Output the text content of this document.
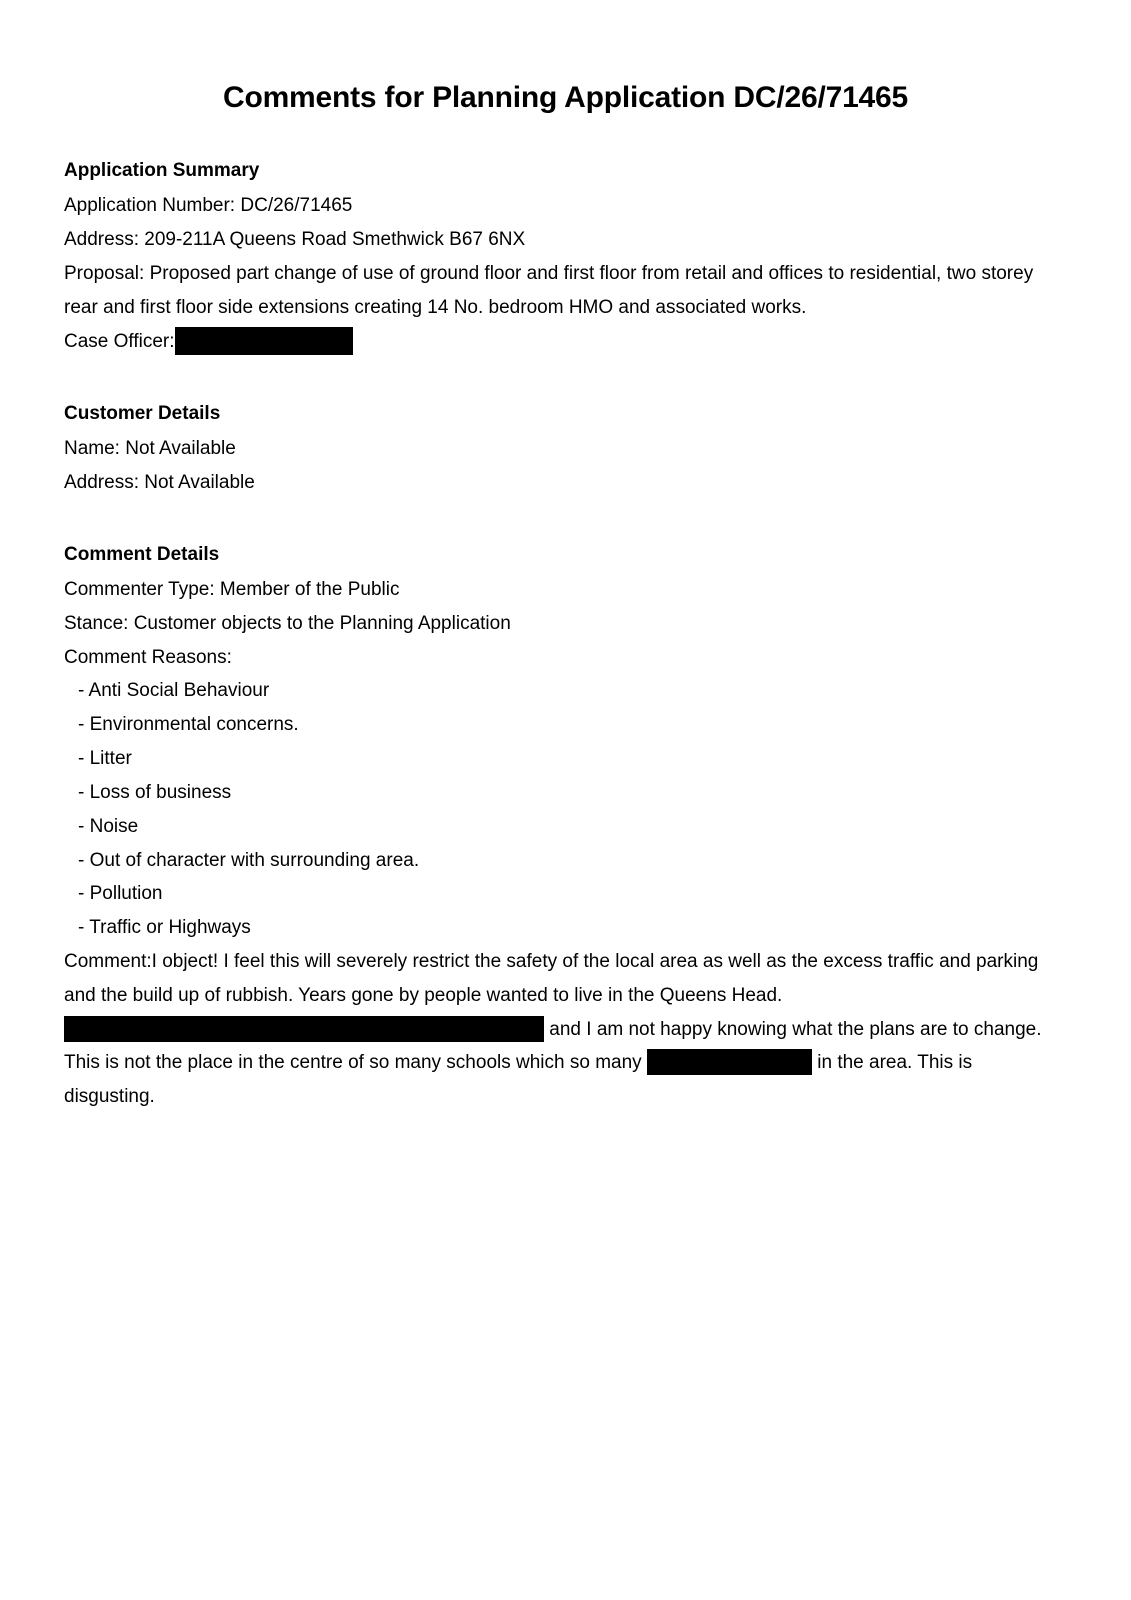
Comments for Planning Application DC/26/71465
Application Summary

Application Number: DC/26/71465

Address: 209-211A Queens Road Smethwick B67 6NX

Proposal: Proposed part change of use of ground floor and first floor from retail and offices to residential, two storey rear and first floor side extensions creating 14 No. bedroom HMO and associated works.

Case Officer:

Customer Details

Name: Not Available

Address: Not Available

Comment Details

Commenter Type: Member of the Public

Stance: Customer objects to the Planning Application

Comment Reasons:

- Anti Social Behaviour

- Environmental concerns.

- Litter

- Loss of business

- Noise

- Out of character with surrounding area.

- Pollution

- Traffic or Highways

Comment:I object! I feel this will severely restrict the safety of the local area as well as the excess traffic and parking and the build up of rubbish. Years gone by people wanted to live in the Queens Head. and I am not happy knowing what the plans are to change. This is not the place in the centre of so many schools which so many	in the area. This is disgusting.
